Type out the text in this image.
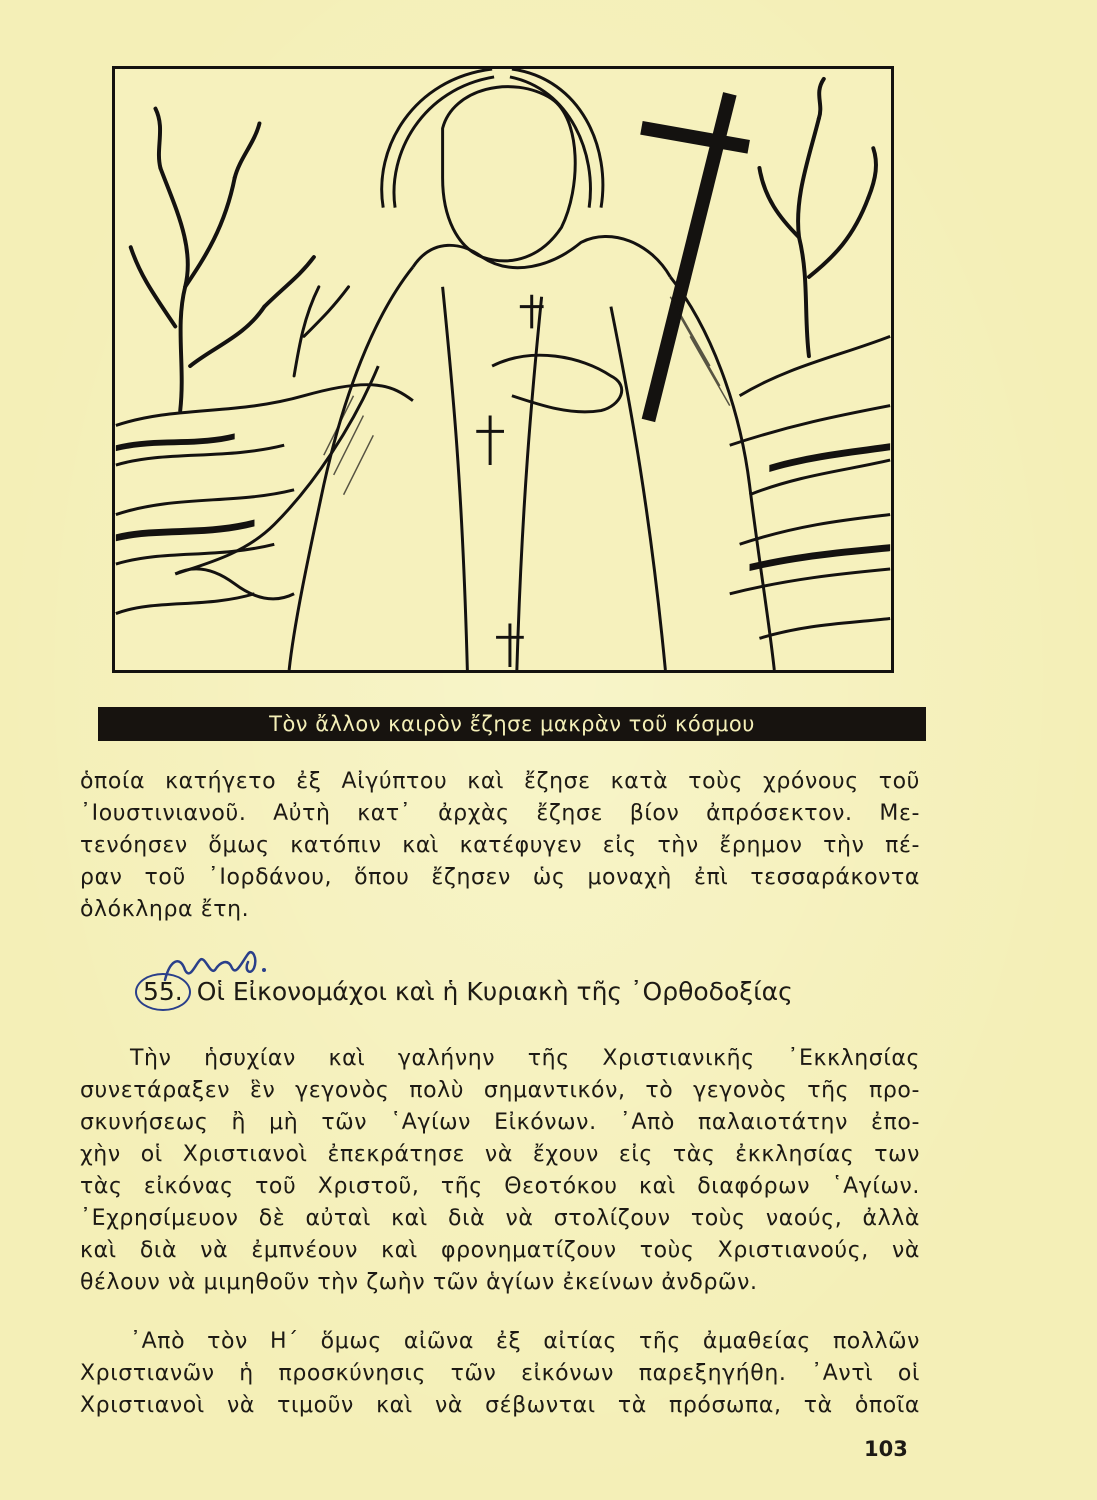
Τὸν ἄλλον καιρὸν ἔζησε μακρὰν τοῦ κόσμου
ὁποία κατήγετο ἐξ Αἰγύπτου καὶ ἔζησε κατὰ τοὺς χρόνους τοῦ
᾿Ιουστινιανοῦ. Αὐτὴ κατ᾿ ἀρχὰς ἔζησε βίον ἀπρόσεκτον. Με-
τενόησεν ὅμως κατόπιν καὶ κατέφυγεν εἰς τὴν ἔρημον τὴν πέ-
ραν τοῦ ᾿Ιορδάνου, ὅπου ἔζησεν ὡς μοναχὴ ἐπὶ τεσσαράκοντα
ὁλόκληρα ἔτη.
55. Οἱ Εἰκονομάχοι καὶ ἡ Κυριακὴ τῆς ᾿Ορθοδοξίας
Τὴν ἡσυχίαν καὶ γαλήνην τῆς Χριστιανικῆς ᾿Εκκλησίας
συνετάραξεν ἓν γεγονὸς πολὺ σημαντικόν, τὸ γεγονὸς τῆς προ-
σκυνήσεως ἢ μὴ τῶν ῾Αγίων Εἰκόνων. ᾿Απὸ παλαιοτάτην ἐπο-
χὴν οἱ Χριστιανοὶ ἐπεκράτησε νὰ ἔχουν εἰς τὰς ἐκκλησίας των
τὰς εἰκόνας τοῦ Χριστοῦ, τῆς Θεοτόκου καὶ διαφόρων ῾Αγίων.
᾿Εχρησίμευον δὲ αὐταὶ καὶ διὰ νὰ στολίζουν τοὺς ναούς, ἀλλὰ
καὶ διὰ νὰ ἐμπνέουν καὶ φρονηματίζουν τοὺς Χριστιανούς, νὰ
θέλουν νὰ μιμηθοῦν τὴν ζωὴν τῶν ἁγίων ἐκείνων ἀνδρῶν.
᾿Απὸ τὸν Η΄ ὅμως αἰῶνα ἐξ αἰτίας τῆς ἀμαθείας πολλῶν
Χριστιανῶν ἡ προσκύνησις τῶν εἰκόνων παρεξηγήθη. ᾿Αντὶ οἱ
Χριστιανοὶ νὰ τιμοῦν καὶ νὰ σέβωνται τὰ πρόσωπα, τὰ ὁποῖα
103
